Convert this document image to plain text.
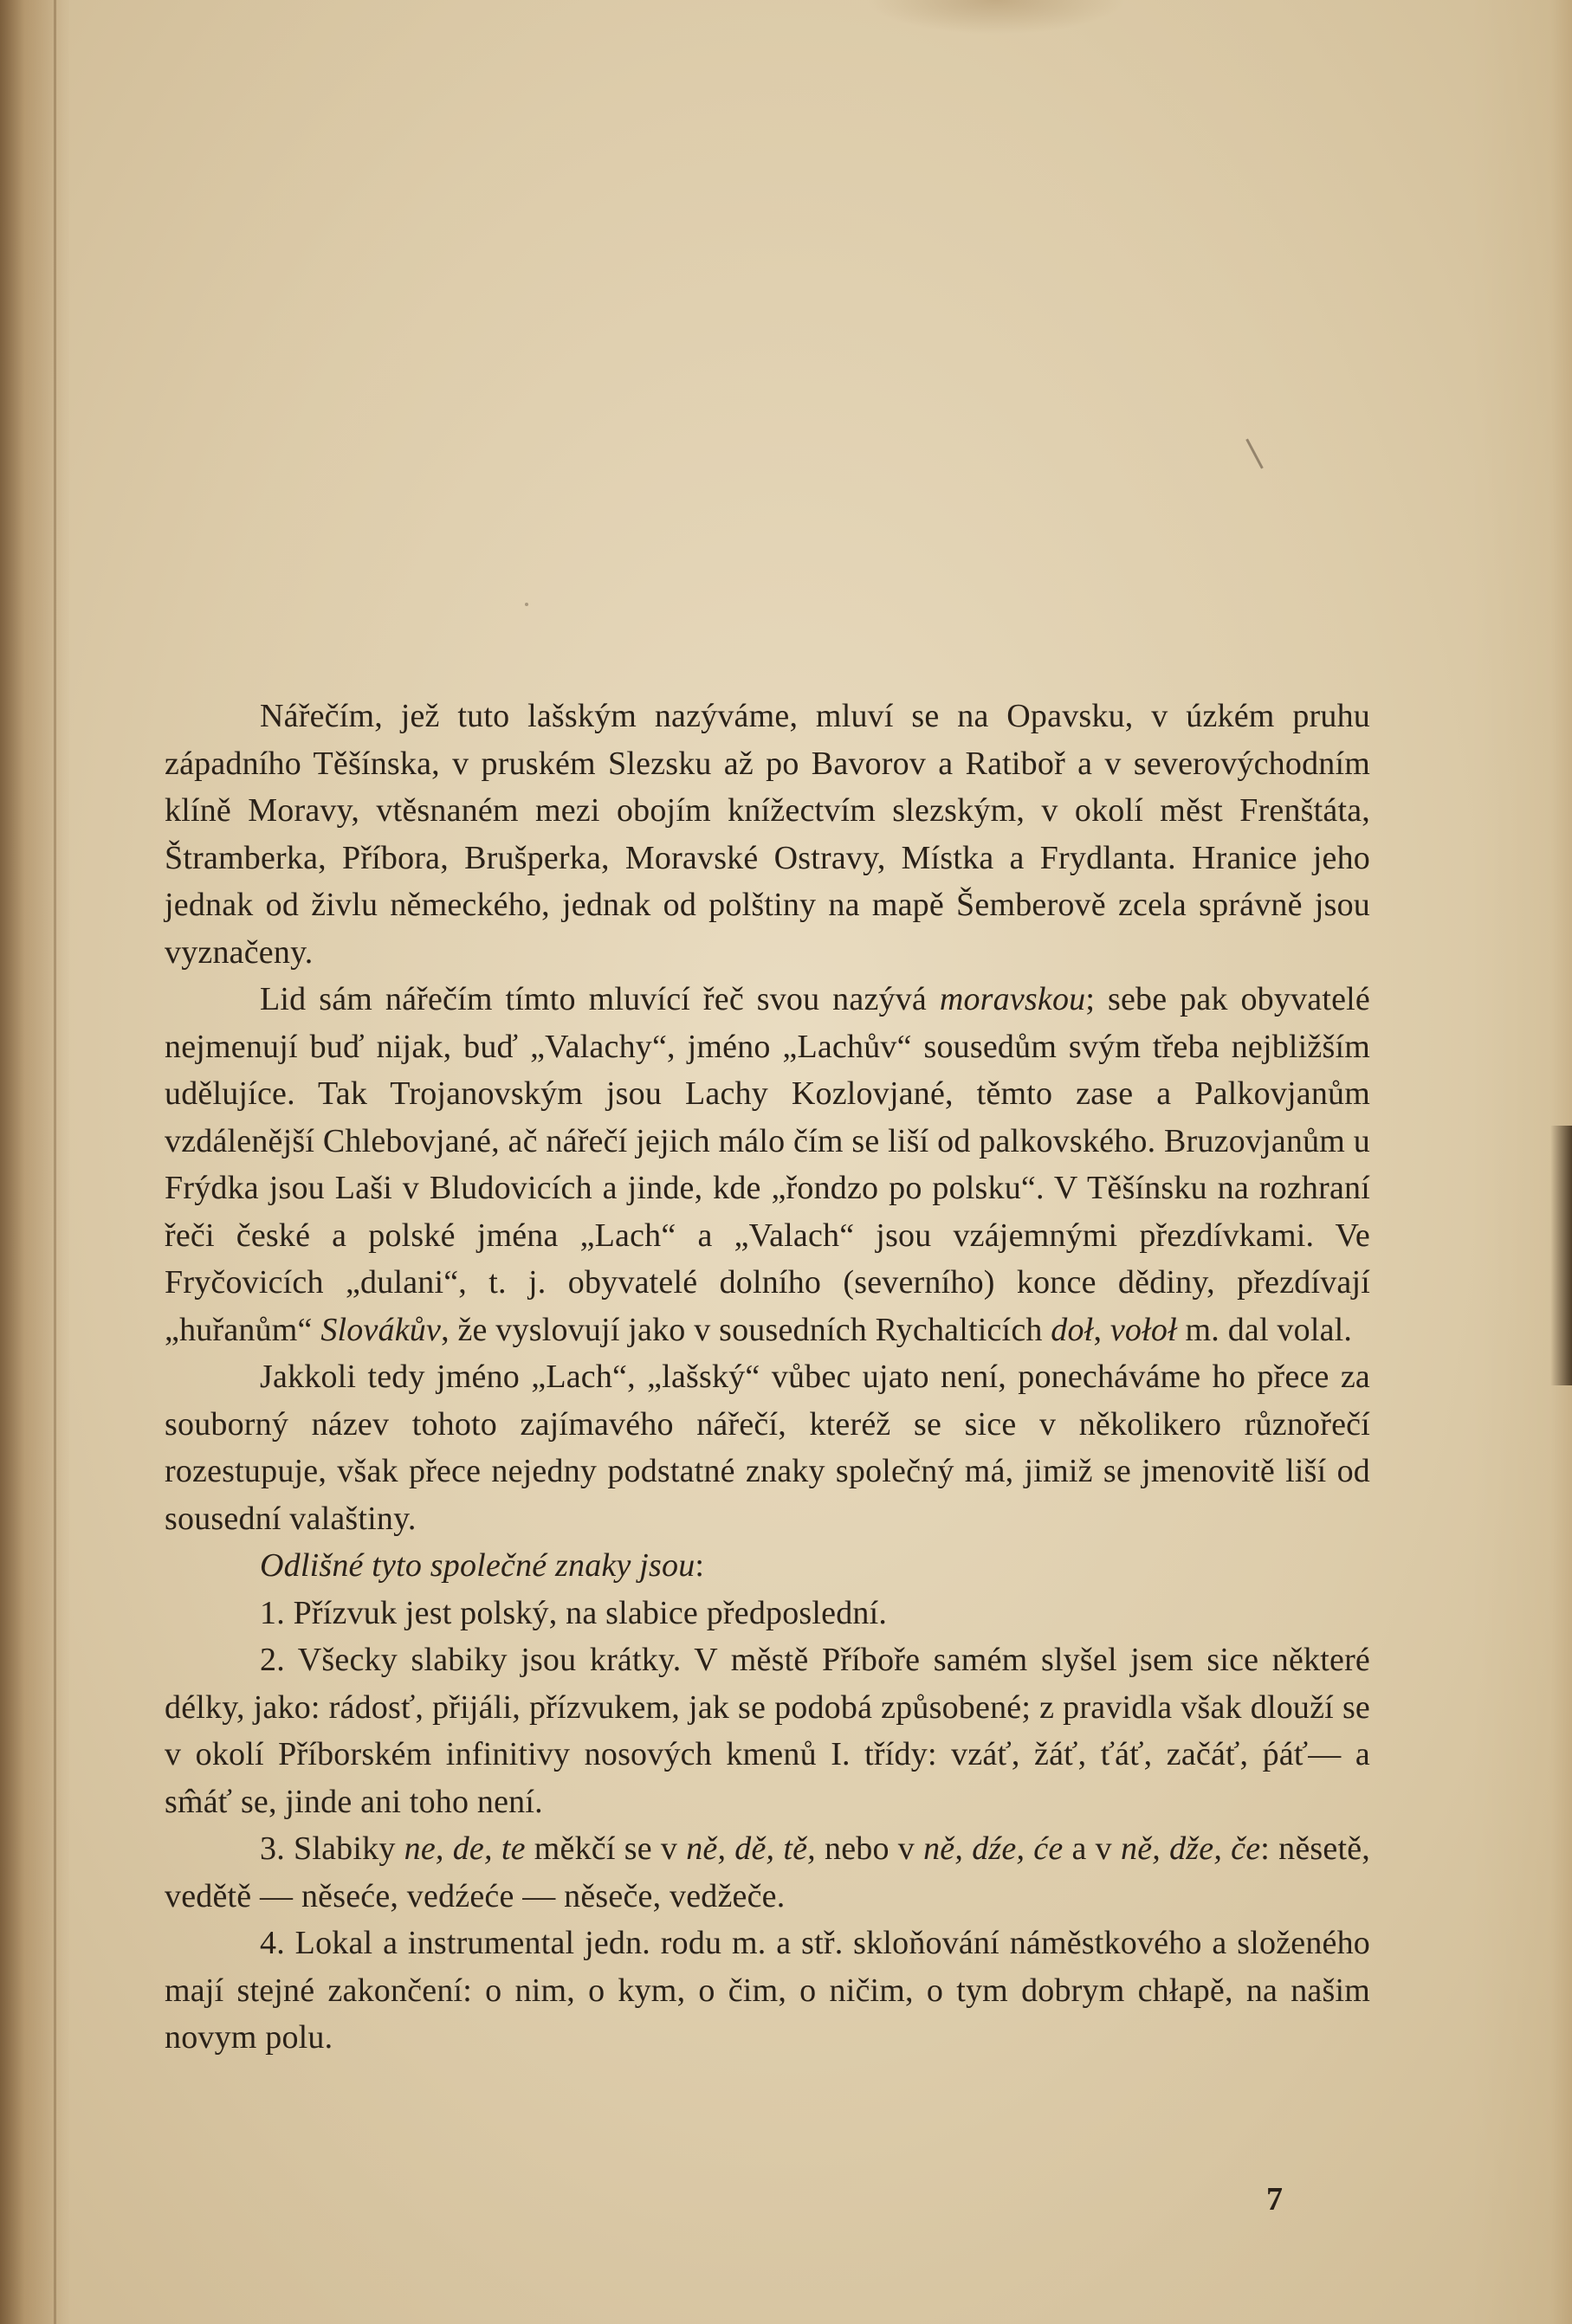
Nářečím, jež tuto lašským nazýváme, mluví se na Opavsku, v úzkém pruhu západního Těšínska, v pruském Slezsku až po Bavorov a Ratiboř a v severovýchodním klíně Moravy, vtěsnaném mezi obojím knížectvím slezským, v okolí měst Frenštáta, Štramberka, Příbora, Brušperka, Moravské Ostravy, Místka a Frydlanta. Hranice jeho jednak od živlu německého, jednak od polštiny na mapě Šemberově zcela správně jsou vyznačeny.

Lid sám nářečím tímto mluvící řeč svou nazývá moravskou; sebe pak obyvatelé nejmenují buď nijak, buď „Valachy“, jméno „Lachův“ sousedům svým třeba nejbližším udělujíce. Tak Trojanovským jsou Lachy Kozlovjané, těmto zase a Palkovjanům vzdálenější Chlebovjané, ač nářečí jejich málo čím se liší od palkovského. Bruzovjanům u Frýdka jsou Laši v Bludovicích a jinde, kde „řondzo po polsku“. V Těšínsku na rozhraní řeči české a polské jména „Lach“ a „Valach“ jsou vzájemnými přezdívkami. Ve Fryčovicích „dulani“, t. j. obyvatelé dolního (severního) konce dědiny, přezdívají „huřanům“ Slovákův, že vyslovují jako v sousedních Rychalticích doł, vołoł m. dal volal.

Jakkoli tedy jméno „Lach“, „lašský“ vůbec ujato není, ponecháváme ho přece za souborný název tohoto zajímavého nářečí, kteréž se sice v několikero různořečí rozestupuje, však přece nejedny podstatné znaky společný má, jimiž se jmenovitě liší od sousední valaštiny.

Odlišné tyto společné znaky jsou:

1. Přízvuk jest polský, na slabice předposlední.

2. Všecky slabiky jsou krátky. V městě Příboře samém slyšel jsem sice některé délky, jako: rádosť, přijáli, přízvukem, jak se podobá způsobené; z pravidla však dlouží se v okolí Příborském infinitivy nosových kmenů I. třídy: vzáť, žáť, ťáť, začáť, ṕáť— a sm̂áť se, jinde ani toho není.

3. Slabiky ne, de, te měkčí se v ně, dě, tě, nebo v ně, dźe, će a v ně, dže, če: něsetě, vedětě — něseće, vedźeće — něseče, vedžeče.

4. Lokal a instrumental jedn. rodu m. a stř. skloňování náměstkového a složeného mají stejné zakončení: o nim, o kym, o čim, o ničim, o tym dobrym chłapě, na našim novym polu.

7
